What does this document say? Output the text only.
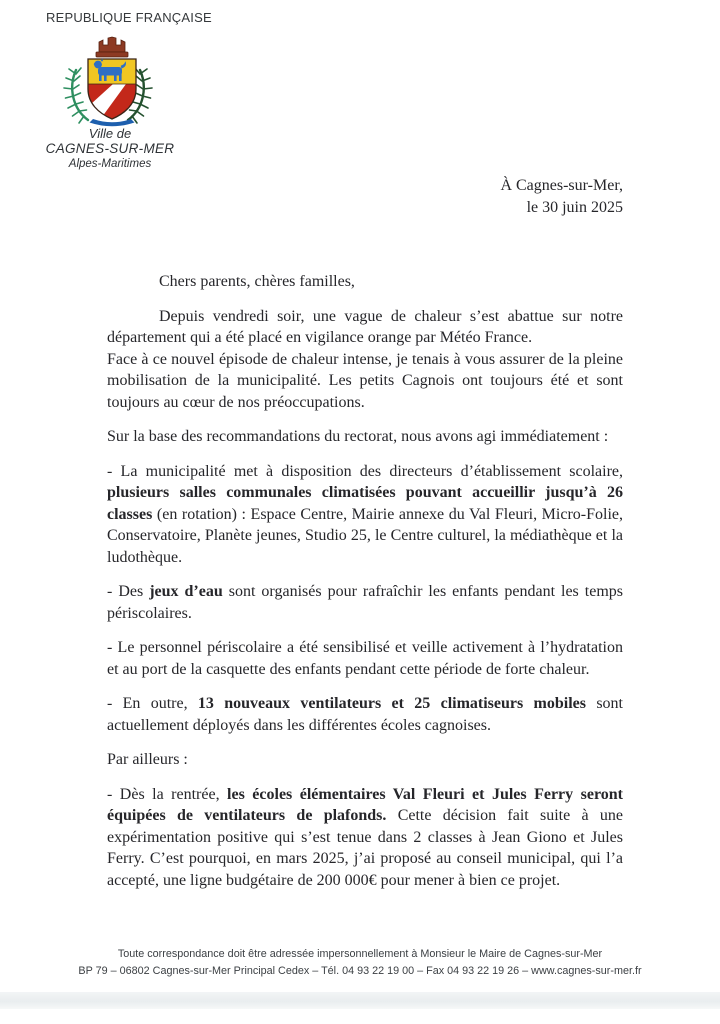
REPUBLIQUE FRANÇAISE
Ville de
CAGNES-SUR-MER
Alpes-Maritimes
À Cagnes-sur-Mer,
le 30 juin 2025

Chers parents, chères familles,

Depuis vendredi soir, une vague de chaleur s’est abattue sur notre département qui a été placé en vigilance orange par Météo France.

Face à ce nouvel épisode de chaleur intense, je tenais à vous assurer de la pleine mobilisation de la municipalité. Les petits Cagnois ont toujours été et sont toujours au cœur de nos préoccupations.

Sur la base des recommandations du rectorat, nous avons agi immédiatement :

- La municipalité met à disposition des directeurs d’établissement scolaire, plusieurs salles communales climatisées pouvant accueillir jusqu’à 26 classes (en rotation) : Espace Centre, Mairie annexe du Val Fleuri, Micro-Folie, Conservatoire, Planète jeunes, Studio 25, le Centre culturel, la médiathèque et la ludothèque.

- Des jeux d’eau sont organisés pour rafraîchir les enfants pendant les temps périscolaires.

- Le personnel périscolaire a été sensibilisé et veille activement à l’hydratation et au port de la casquette des enfants pendant cette période de forte chaleur.

- En outre, 13 nouveaux ventilateurs et 25 climatiseurs mobiles sont actuellement déployés dans les différentes écoles cagnoises.

Par ailleurs :

- Dès la rentrée, les écoles élémentaires Val Fleuri et Jules Ferry seront équipées de ventilateurs de plafonds. Cette décision fait suite à une expérimentation positive qui s’est tenue dans 2 classes à Jean Giono et Jules Ferry. C’est pourquoi, en mars 2025, j’ai proposé au conseil municipal, qui l’a accepté, une ligne budgétaire de 200 000€ pour mener à bien ce projet.

Toute correspondance doit être adressée impersonnellement à Monsieur le Maire de Cagnes-sur-Mer
BP 79 – 06802 Cagnes-sur-Mer Principal Cedex – Tél. 04 93 22 19 00 – Fax 04 93 22 19 26 – www.cagnes-sur-mer.fr
